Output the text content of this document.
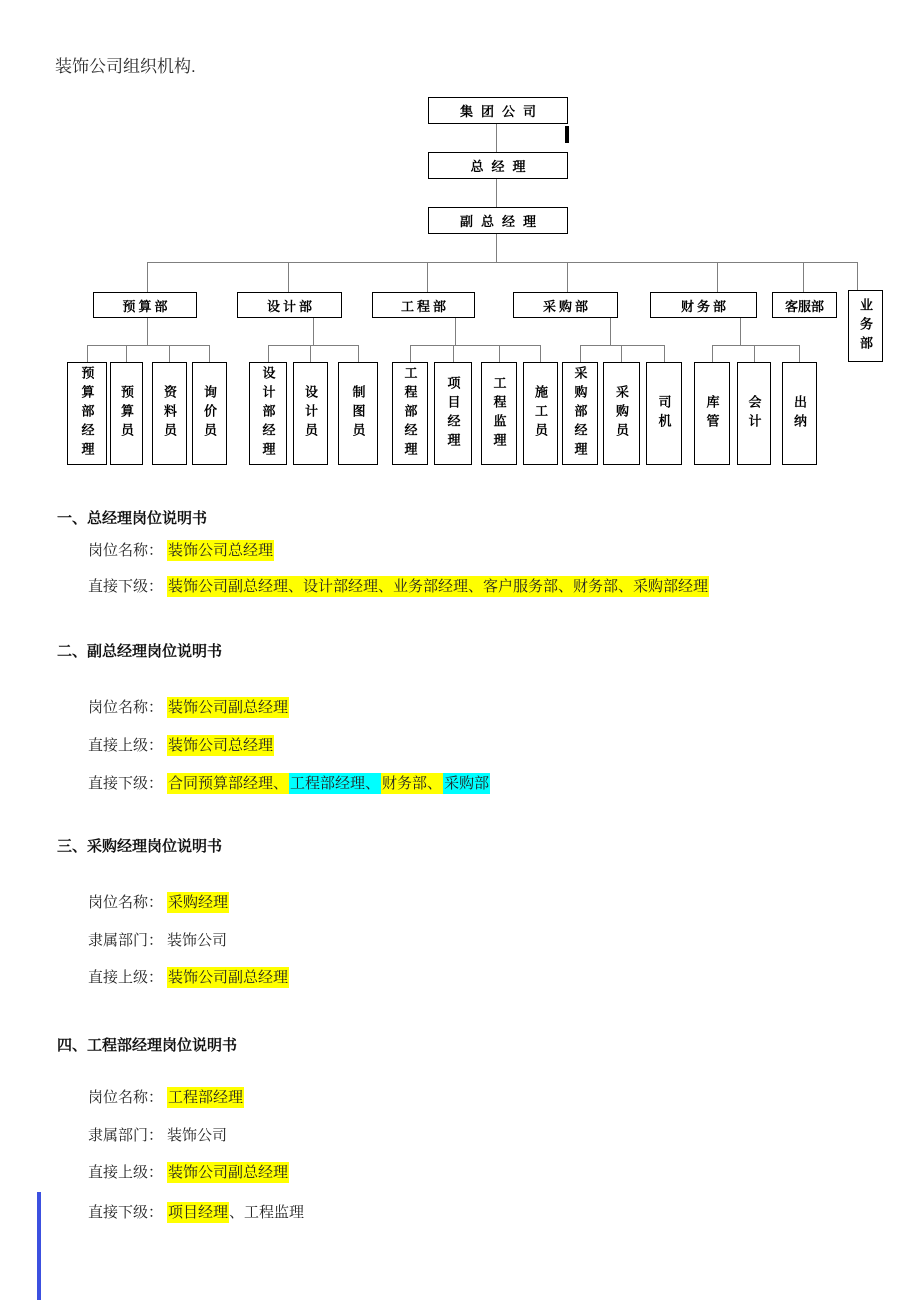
装饰公司组织机构.
集团公司
总经理
副总经理
预算部	设计部	工程部	采购部	财务部	客服部	业务部
预算部经理 预算员 资料员 询价员	设计部经理 设计员	制图员	工程部经理 项目经理 工程监理 施工员 采购部经理 采购员 司机	库管 会计 出纳
一、总经理岗位说明书
岗位名称： 装饰公司总经理
直接下级： 装饰公司副总经理、设计部经理、业务部经理、客户服务部、财务部、采购部经理
二、副总经理岗位说明书
岗位名称： 装饰公司副总经理
直接上级： 装饰公司总经理
直接下级： 合同预算部经理、 工程部经理、 财务部、 采购部
三、采购经理岗位说明书
岗位名称： 采购经理
隶属部门： 装饰公司
直接上级： 装饰公司副总经理
四、工程部经理岗位说明书
岗位名称： 工程部经理
隶属部门： 装饰公司
直接上级： 装饰公司副总经理
直接下级： 项目经理、工程监理
